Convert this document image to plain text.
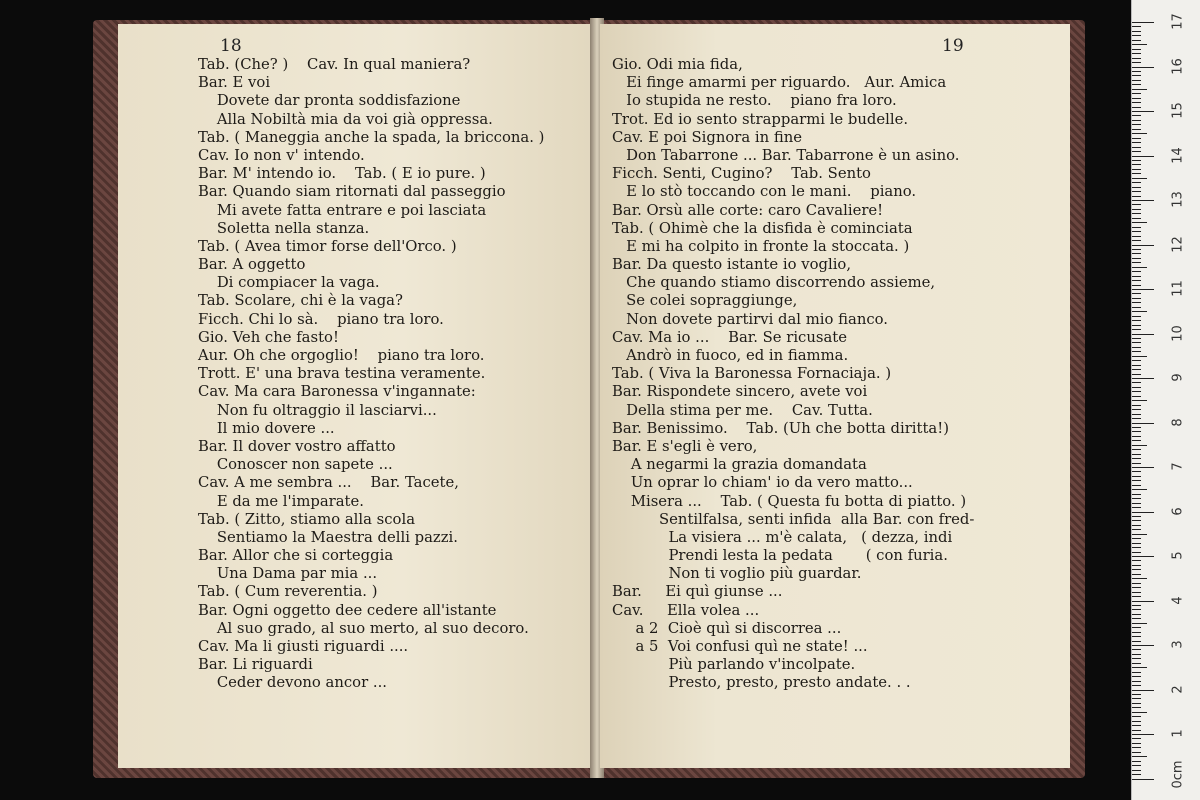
18
Tab. (Che? )    Cav. In qual maniera?
Bar. E voi
Dovete dar pronta soddisfazione
Alla Nobiltà mia da voi già oppressa.
Tab. ( Maneggia anche la spada, la briccona. )
Cav. Io non v' intendo.
Bar. M' intendo io.    Tab. ( E io pure. )
Bar. Quando siam ritornati dal passeggio
Mi avete fatta entrare e poi lasciata
Soletta nella stanza.
Tab. ( Avea timor forse dell'Orco. )
Bar. A oggetto
Di compiacer la vaga.
Tab. Scolare, chi è la vaga?
Ficch. Chi lo sà.    piano tra loro.
Gio. Veh che fasto!
Aur. Oh che orgoglio!    piano tra loro.
Trott. E' una brava testina veramente.
Cav. Ma cara Baronessa v'ingannate:
Non fu oltraggio il lasciarvi...
Il mio dovere ...
Bar. Il dover vostro affatto
Conoscer non sapete ...
Cav. A me sembra ...    Bar. Tacete,
E da me l'imparate.
Tab. ( Zitto, stiamo alla scola
Sentiamo la Maestra delli pazzi.
Bar. Allor che si corteggia
Una Dama par mia ...
Tab. ( Cum reverentia. )
Bar. Ogni oggetto dee cedere all'istante
Al suo grado, al suo merto, al suo decoro.
Cav. Ma li giusti riguardi ....
Bar. Li riguardi
Ceder devono ancor ...
19
Gio. Odi mia fida,
Ei finge amarmi per riguardo.   Aur. Amica
Io stupida ne resto.    piano fra loro.
Trot. Ed io sento strapparmi le budelle.
Cav. E poi Signora in fine
Don Tabarrone ... Bar. Tabarrone è un asino.
Ficch. Senti, Cugino?    Tab. Sento
E lo stò toccando con le mani.    piano.
Bar. Orsù alle corte: caro Cavaliere!
Tab. ( Ohimè che la disfida è cominciata
E mi ha colpito in fronte la stoccata. )
Bar. Da questo istante io voglio,
Che quando stiamo discorrendo assieme,
Se colei sopraggiunge,
Non dovete partirvi dal mio fianco.
Cav. Ma io ...    Bar. Se ricusate
Andrò in fuoco, ed in fiamma.
Tab. ( Viva la Baronessa Fornaciaja. )
Bar. Rispondete sincero, avete voi
Della stima per me.    Cav. Tutta.
Bar. Benissimo.    Tab. (Uh che botta diritta!)
Bar. E s'egli è vero,
A negarmi la grazia domandata
Un oprar lo chiam' io da vero matto...
Misera ...    Tab. ( Questa fu botta di piatto. )
Sentilfalsa, senti infida  alla Bar. con fred-
La visiera ... m'è calata,   ( dezza, indi
Prendi lesta la pedata       ( con furia.
Non ti voglio più guardar.
Bar.     Ei quì giunse ...
Cav.     Ella volea ...
a 2  Cioè quì si discorrea ...
a 5  Voi confusi quì ne state! ...
Più parlando v'incolpate.
Presto, presto, presto andate. . .
17
16
15
14
13
12
11
10
9
8
7
6
5
4
3
2
1
0cm
